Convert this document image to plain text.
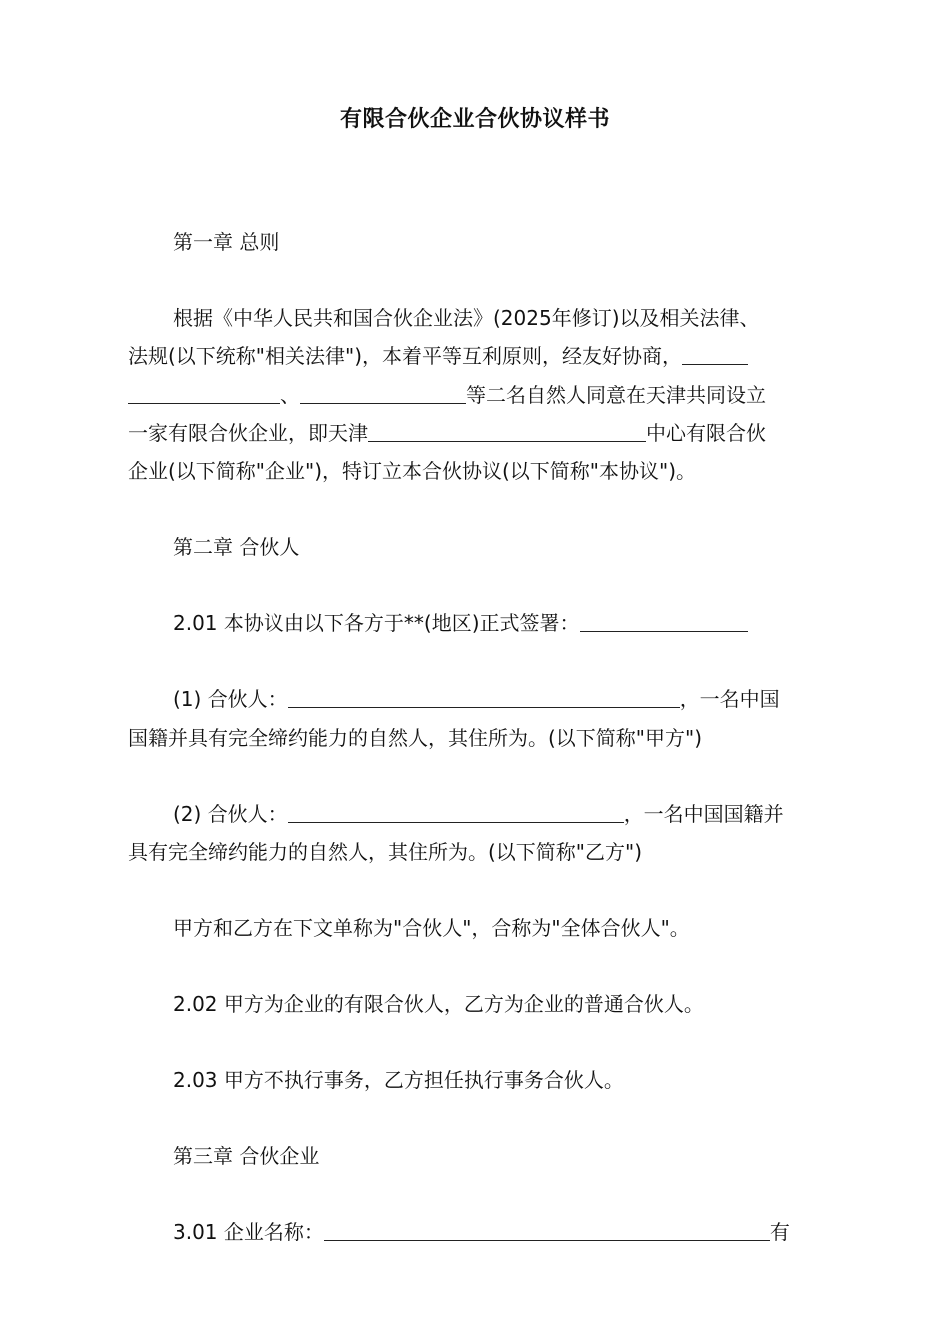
有限合伙企业合伙协议样书
第一章 总则
根据《中华人民共和国合伙企业法》(2025年修订)以及相关法律、
法规(以下统称"相关法律")，本着平等互利原则，经友好协商，
、	等二名自然人同意在天津共同设立
一家有限合伙企业，即天津	中心有限合伙
企业(以下简称"企业")，特订立本合伙协议(以下简称"本协议")。
第二章 合伙人
2.01 本协议由以下各方于**(地区)正式签署：
(1) 合伙人：	，一名中国
国籍并具有完全缔约能力的自然人，其住所为。(以下简称"甲方")
(2) 合伙人：	，一名中国国籍并
具有完全缔约能力的自然人，其住所为。(以下简称"乙方")
甲方和乙方在下文单称为"合伙人"，合称为"全体合伙人"。
2.02 甲方为企业的有限合伙人，乙方为企业的普通合伙人。
2.03 甲方不执行事务，乙方担任执行事务合伙人。
第三章 合伙企业
3.01 企业名称：	有
